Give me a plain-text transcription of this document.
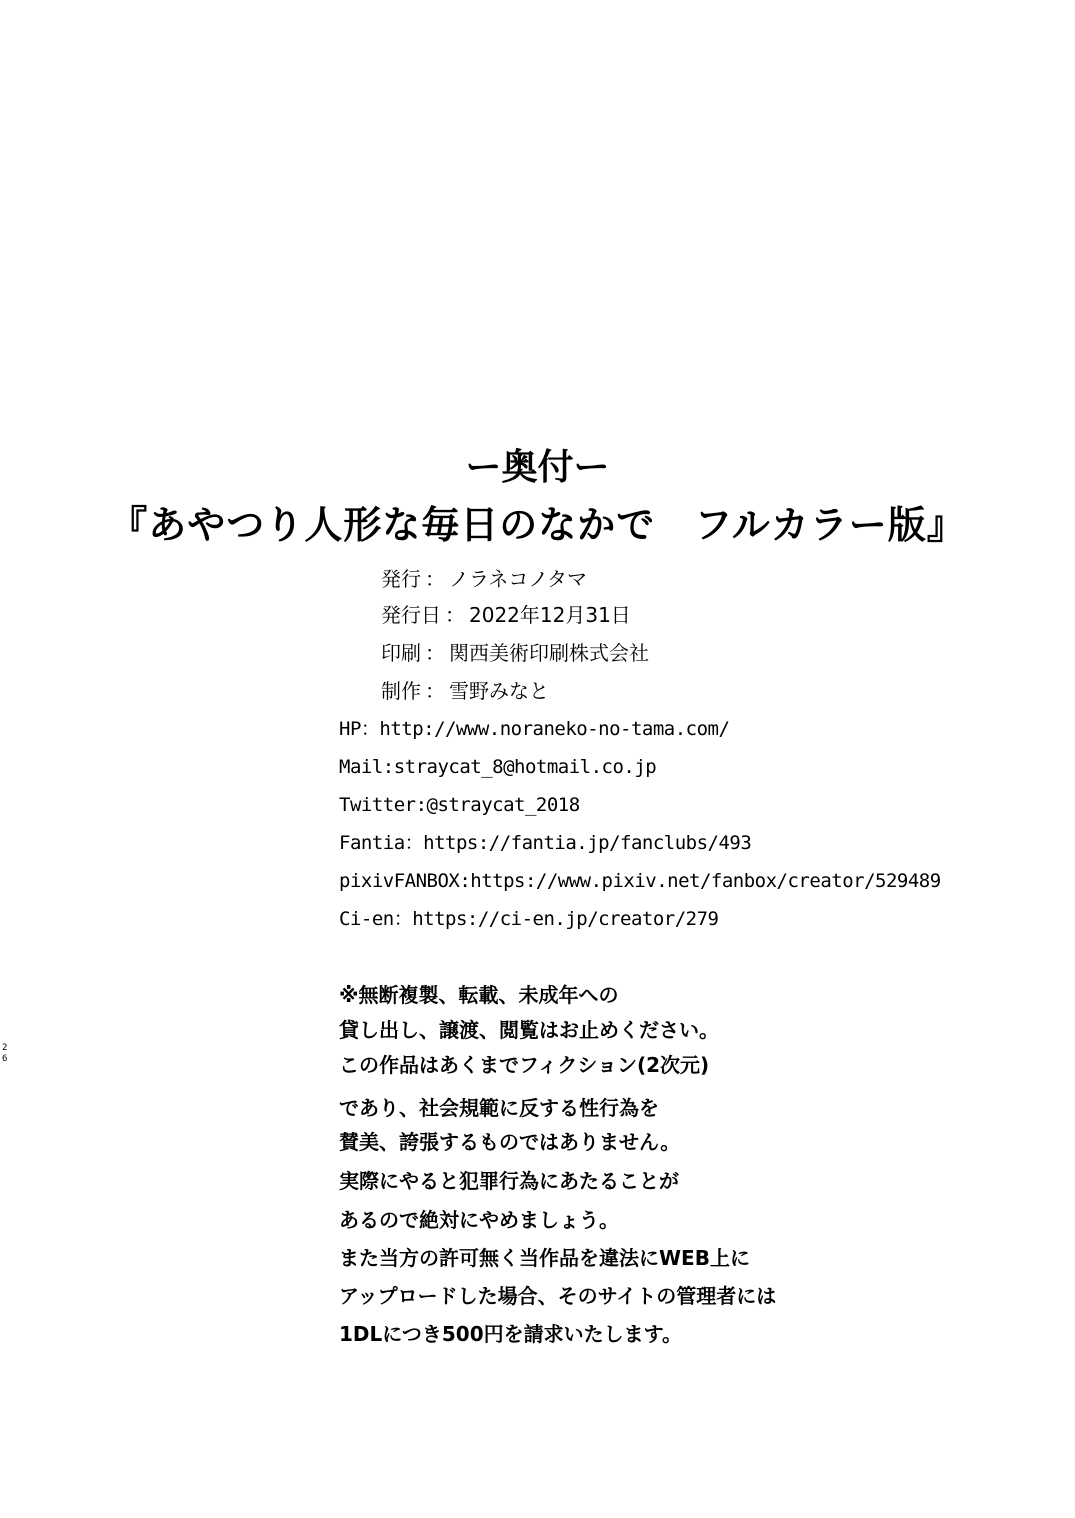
ー奥付ー
『あやつり人形な毎日のなかで　フルカラー版』
発行 ： ノラネコノタマ
発行日 ： 2022年12月31日
印刷 ： 関西美術印刷株式会社
制作 ： 雪野みなと
HP：http://www.noraneko-no-tama.com/
Mail:straycat_8@hotmail.co.jp
Twitter:@straycat_2018
Fantia：https://fantia.jp/fanclubs/493
pixivFANBOX:https://www.pixiv.net/fanbox/creator/529489
Ci-en：https://ci-en.jp/creator/279
※無断複製、転載、未成年への
貸し出し、譲渡、閲覧はお止めください。
この作品はあくまでフィクション(2次元)
であり、社会規範に反する性行為を
賛美、誇張するものではありません。
実際にやると犯罪行為にあたることが
あるので絶対にやめましょう。
また当方の許可無く当作品を違法にWEB上に
アップロードした場合、そのサイトの管理者には
1DLにつき500円を請求いたします。
26
